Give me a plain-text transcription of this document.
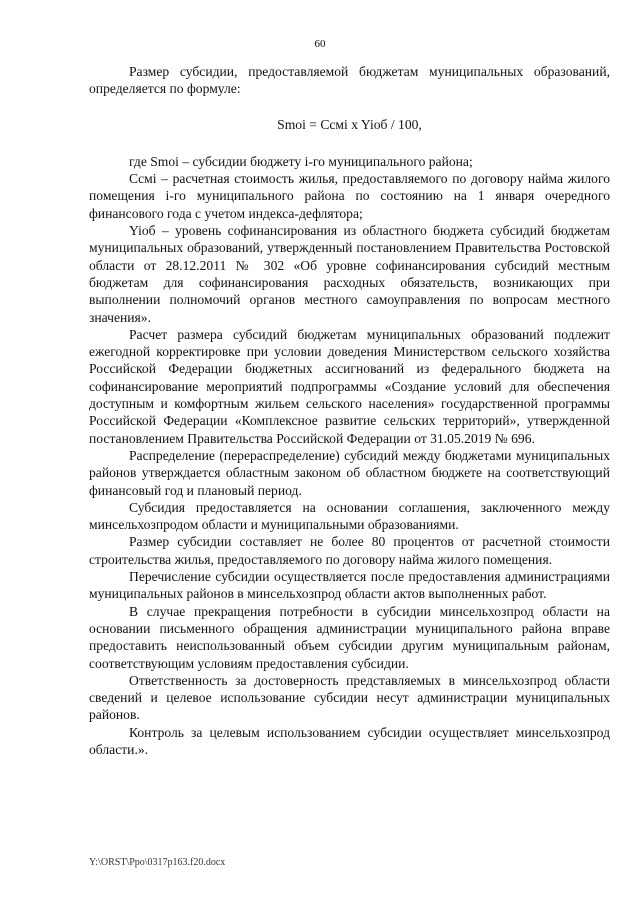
60

Размер субсидии, предоставляемой бюджетам муниципальных образований, определяется по формуле:

Smoi = Ccмi x Yioб / 100,

где Smoi – субсидии бюджету i-го муниципального района;

Ccмi – расчетная стоимость жилья, предоставляемого по договору найма жилого помещения i-го муниципального района по состоянию на 1 января очередного финансового года с учетом индекса-дефлятора;

Yioб – уровень софинансирования из областного бюджета субсидий бюджетам муниципальных образований, утвержденный постановлением Правительства Ростовской области от 28.12.2011 № 302 «Об уровне софинансирования субсидий местным бюджетам для софинансирования расходных обязательств, возникающих при выполнении полномочий органов местного самоуправления по вопросам местного значения».

Расчет размера субсидий бюджетам муниципальных образований подлежит ежегодной корректировке при условии доведения Министерством сельского хозяйства Российской Федерации бюджетных ассигнований из федерального бюджета на софинансирование мероприятий подпрограммы «Создание условий для обеспечения доступным и комфортным жильем сельского населения» государственной программы Российской Федерации «Комплексное развитие сельских территорий», утвержденной постановлением Правительства Российской Федерации от 31.05.2019 № 696.

Распределение (перераспределение) субсидий между бюджетами муниципальных районов утверждается областным законом об областном бюджете на соответствующий финансовый год и плановый период.

Субсидия предоставляется на основании соглашения, заключенного между минсельхозпродом области и муниципальными образованиями.

Размер субсидии составляет не более 80 процентов от расчетной стоимости строительства жилья, предоставляемого по договору найма жилого помещения.

Перечисление субсидии осуществляется после предоставления администрациями муниципальных районов в минсельхозпрод области актов выполненных работ.

В случае прекращения потребности в субсидии минсельхозпрод области на основании письменного обращения администрации муниципального района вправе предоставить неиспользованный объем субсидии другим муниципальным районам, соответствующим условиям предоставления субсидии.

Ответственность за достоверность представляемых в минсельхозпрод области сведений и целевое использование субсидии несут администрации муниципальных районов.

Контроль за целевым использованием субсидии осуществляет минсельхозпрод области.».

Y:\ORST\Ppo\0317p163.f20.docx
